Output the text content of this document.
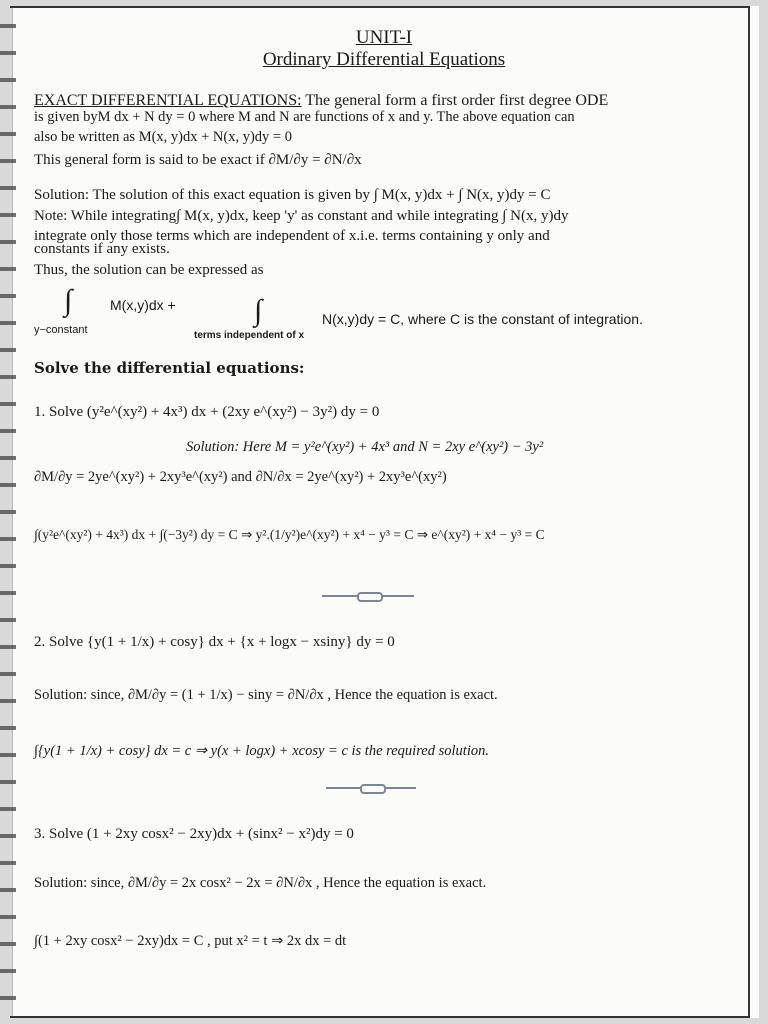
UNIT-I
Ordinary Differential Equations
EXACT DIFFERENTIAL EQUATIONS: The general form a first order first degree ODE
is given byM dx + N dy = 0 where M and N are functions of x and y. The above equation can
also be written as M(x, y)dx + N(x, y)dy = 0
This general form is said to be exact if ∂M/∂y = ∂N/∂x
Solution: The solution of this exact equation is given by ∫ M(x, y)dx + ∫ N(x, y)dy = C
Note: While integrating∫ M(x, y)dx, keep 'y' as constant and while integrating ∫ N(x, y)dy
integrate only those terms which are independent of x.i.e. terms containing y only and
constants if any exists.
Thus, the solution can be expressed as
∫	M(x,y)dx +
y−constant
∫
terms independent of x
N(x,y)dy = C, where C is the constant of integration.
Solve the differential equations:
1. Solve (y²e^(xy²) + 4x³) dx + (2xy e^(xy²) − 3y²) dy = 0
Solution: Here M = y²e^(xy²) + 4x³ and N = 2xy e^(xy²) − 3y²
∂M/∂y = 2ye^(xy²) + 2xy³e^(xy²) and ∂N/∂x = 2ye^(xy²) + 2xy³e^(xy²)
∫(y²e^(xy²) + 4x³) dx + ∫(−3y²) dy = C ⇒ y².(1/y²)e^(xy²) + x⁴ − y³ = C ⇒ e^(xy²) + x⁴ − y³ = C
2. Solve {y(1 + 1/x) + cosy} dx + {x + logx − xsiny} dy = 0
Solution: since, ∂M/∂y = (1 + 1/x) − siny = ∂N/∂x , Hence the equation is exact.
∫{y(1 + 1/x) + cosy} dx = c ⇒ y(x + logx) + xcosy = c is the required solution.
3. Solve (1 + 2xy cosx² − 2xy)dx + (sinx² − x²)dy = 0
Solution: since, ∂M/∂y = 2x cosx² − 2x = ∂N/∂x , Hence the equation is exact.
∫(1 + 2xy cosx² − 2xy)dx = C , put x² = t ⇒ 2x dx = dt
